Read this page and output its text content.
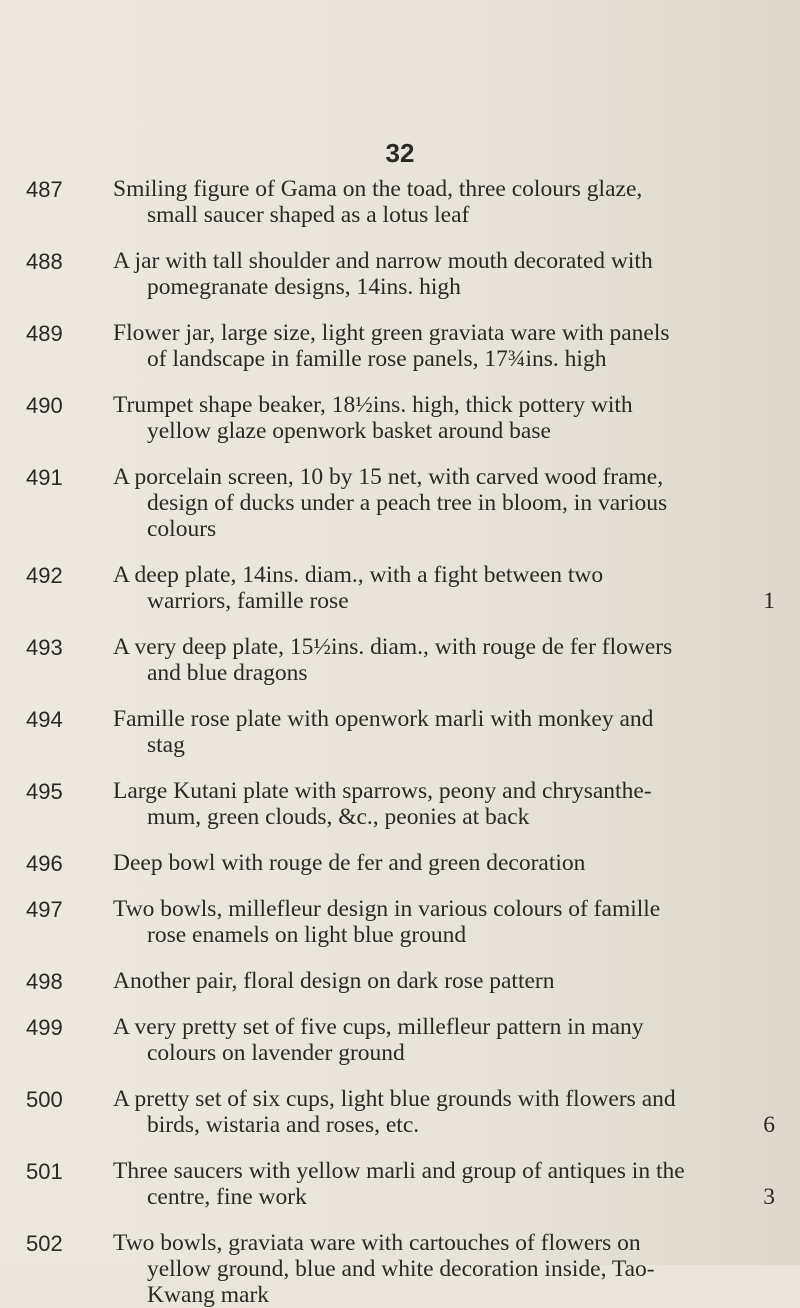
32
487	Smiling figure of Gama on the toad, three colours glaze,
small saucer shaped as a lotus leaf
488	A jar with tall shoulder and narrow mouth decorated with
pomegranate designs, 14ins. high
489	Flower jar, large size, light green graviata ware with panels
of landscape in famille rose panels, 17¾ins. high
490	Trumpet shape beaker, 18½ins. high, thick pottery with
yellow glaze openwork basket around base
491	A porcelain screen, 10 by 15 net, with carved wood frame,
design of ducks under a peach tree in bloom, in various
colours
492	A deep plate, 14ins. diam., with a fight between two
warriors, famille rose	1
493	A very deep plate, 15½ins. diam., with rouge de fer flowers
and blue dragons
494	Famille rose plate with openwork marli with monkey and
stag
495	Large Kutani plate with sparrows, peony and chrysanthe-
mum, green clouds, &c., peonies at back
496	Deep bowl with rouge de fer and green decoration
497	Two bowls, millefleur design in various colours of famille
rose enamels on light blue ground
498	Another pair, floral design on dark rose pattern
499	A very pretty set of five cups, millefleur pattern in many
colours on lavender ground
500	A pretty set of six cups, light blue grounds with flowers and
birds, wistaria and roses, etc.	6
501	Three saucers with yellow marli and group of antiques in the
centre, fine work	3
502	Two bowls, graviata ware with cartouches of flowers on
yellow ground, blue and white decoration inside, Tao-
Kwang mark
